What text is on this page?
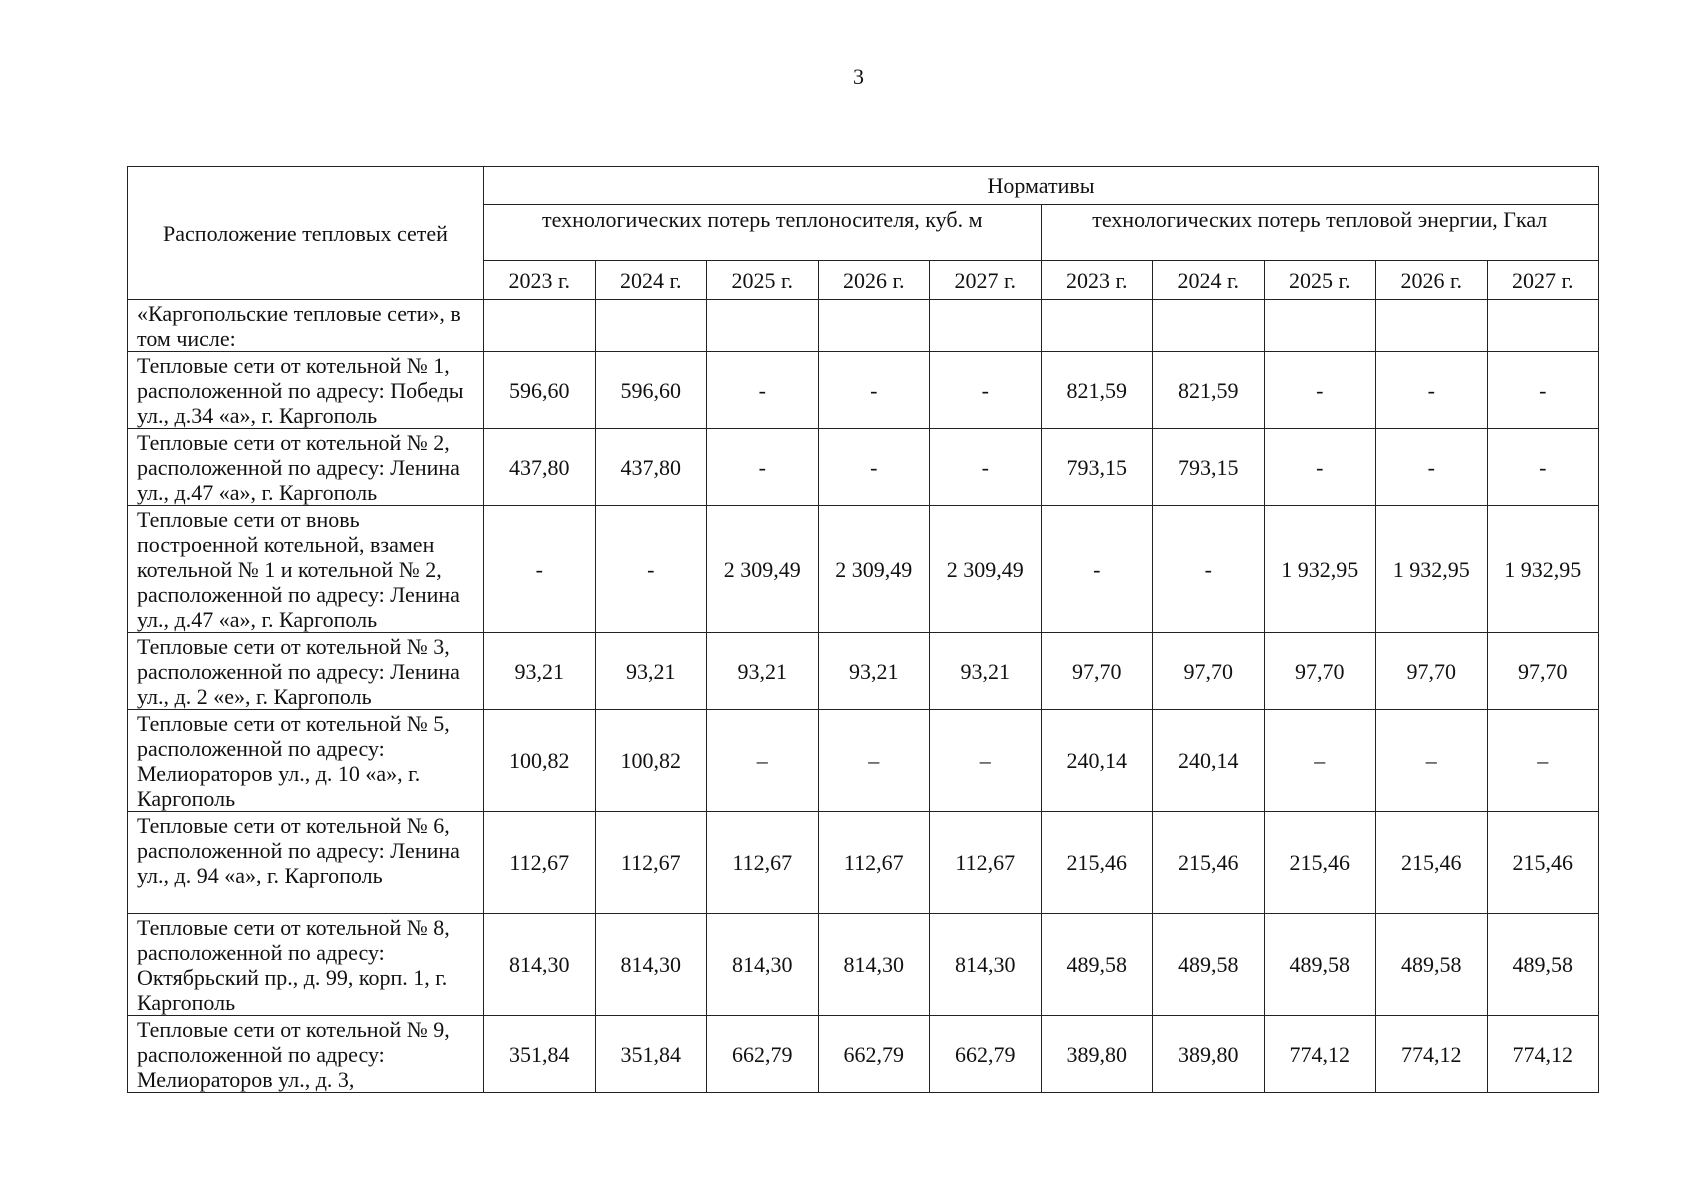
3
Расположение тепловых сетей	Нормативы									
	технологических потерь теплоносителя, куб. м					технологических потерь тепловой энергии, Гкал				
	2023 г.	2024 г.	2025 г.	2026 г.	2027 г.	2023 г.	2024 г.	2025 г.	2026 г.	2027 г.
«Каргопольские тепловые сети», в том числе:										
Тепловые сети от котельной № 1, расположенной по адресу: Победы ул., д.34 «а», г. Каргополь	596,60	596,60	-	-	-	821,59	821,59	-	-	-
Тепловые сети от котельной № 2, расположенной по адресу: Ленина ул., д.47 «а», г. Каргополь	437,80	437,80	-	-	-	793,15	793,15	-	-	-
Тепловые сети от вновь построенной котельной, взамен котельной № 1 и котельной № 2, расположенной по адресу: Ленина ул., д.47 «а», г. Каргополь	-	-	2 309,49	2 309,49	2 309,49	-	-	1 932,95	1 932,95	1 932,95
Тепловые сети от котельной № 3, расположенной по адресу: Ленина ул., д. 2 «е», г. Каргополь	93,21	93,21	93,21	93,21	93,21	97,70	97,70	97,70	97,70	97,70
Тепловые сети от котельной № 5, расположенной по адресу: Мелиораторов ул., д. 10 «а», г. Каргополь	100,82	100,82	–	–	–	240,14	240,14	–	–	–
Тепловые сети от котельной № 6, расположенной по адресу: Ленина ул., д. 94 «а», г. Каргополь	112,67	112,67	112,67	112,67	112,67	215,46	215,46	215,46	215,46	215,46
Тепловые сети от котельной № 8, расположенной по адресу: Октябрьский пр., д. 99, корп. 1, г. Каргополь	814,30	814,30	814,30	814,30	814,30	489,58	489,58	489,58	489,58	489,58
Тепловые сети от котельной № 9, расположенной по адресу: Мелиораторов ул., д. 3,	351,84	351,84	662,79	662,79	662,79	389,80	389,80	774,12	774,12	774,12
